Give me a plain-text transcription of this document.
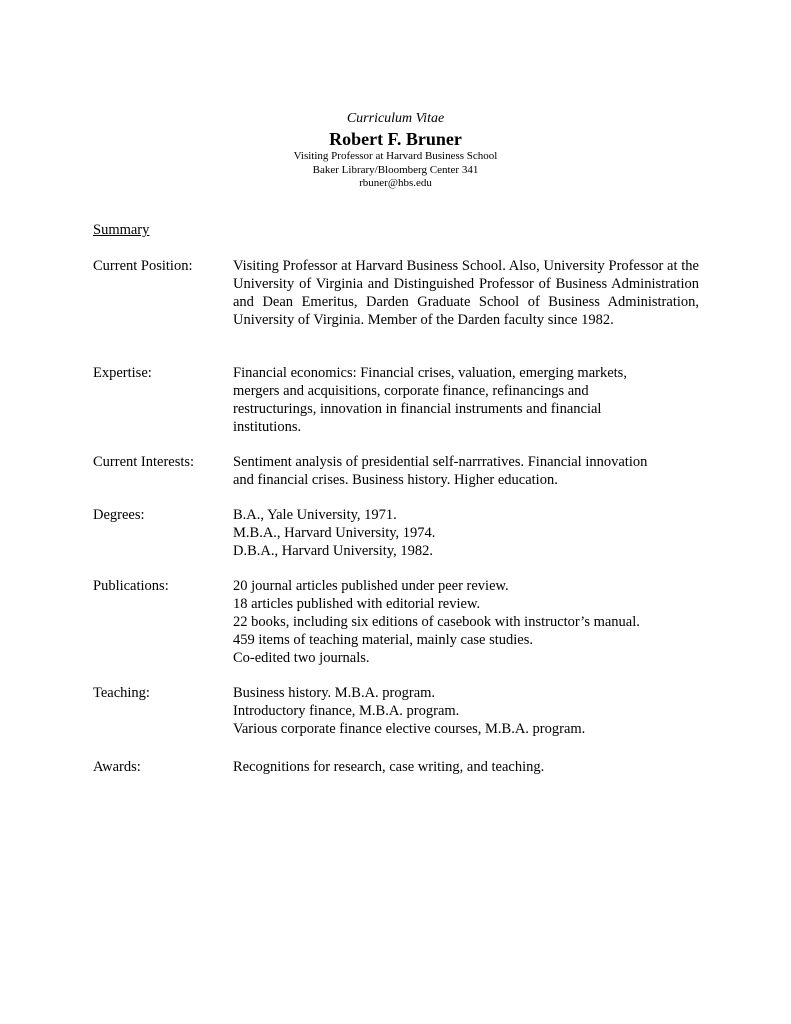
Curriculum Vitae
Robert F. Bruner
Visiting Professor at Harvard Business School
Baker Library/Bloomberg Center 341
rbuner@hbs.edu
Summary
Current Position:	Visiting Professor at Harvard Business School. Also, University Professor at the University of Virginia and Distinguished Professor of Business Administration and Dean Emeritus, Darden Graduate School of Business Administration, University of Virginia. Member of the Darden faculty since 1982.
Expertise:	Financial economics: Financial crises, valuation, emerging markets,
mergers and acquisitions, corporate finance, refinancings and
restructurings, innovation in financial instruments and financial
institutions.
Current Interests:	Sentiment analysis of presidential self-narrratives. Financial innovation
and financial crises. Business history. Higher education.
Degrees:	B.A., Yale University, 1971.
M.B.A., Harvard University, 1974.
D.B.A., Harvard University, 1982.
Publications:	20 journal articles published under peer review.
18 articles published with editorial review.
22 books, including six editions of casebook with instructor’s manual.
459 items of teaching material, mainly case studies.
Co-edited two journals.
Teaching:	Business history. M.B.A. program.
Introductory finance, M.B.A. program.
Various corporate finance elective courses, M.B.A. program.
Awards:	Recognitions for research, case writing, and teaching.
